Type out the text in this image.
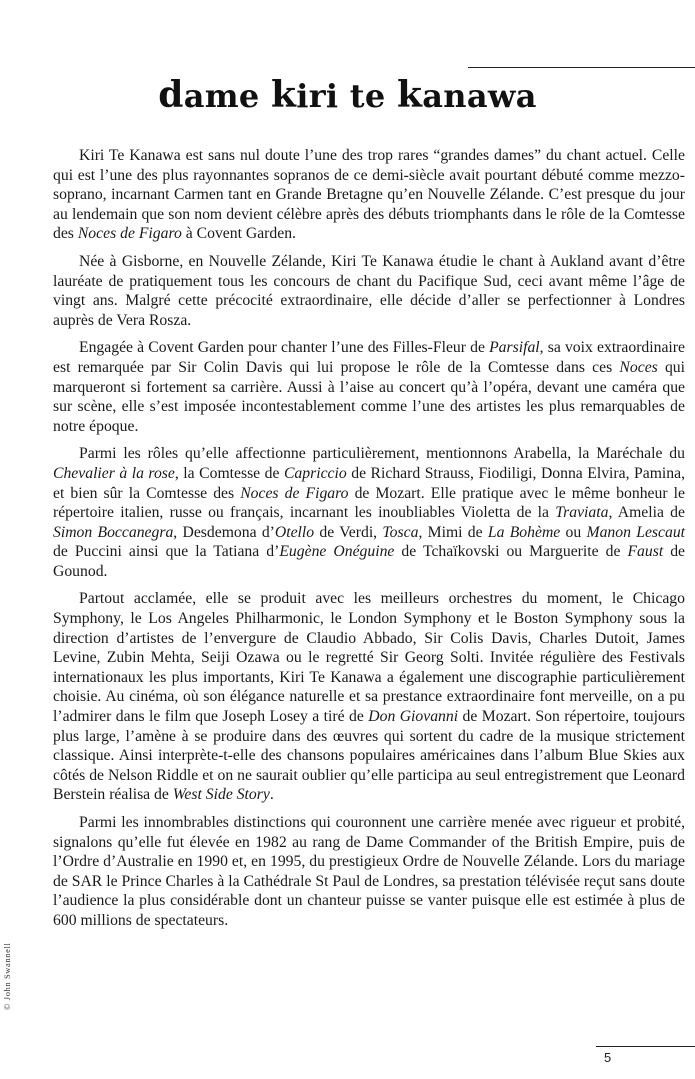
dame kiri te kanawa

Kiri Te Kanawa est sans nul doute l’une des trop rares “grandes dames” du chant actuel. Celle qui est l’une des plus rayonnantes sopranos de ce demi-siècle avait pourtant débuté comme mezzo-soprano, incarnant Carmen tant en Grande Bretagne qu’en Nouvelle Zélande. C’est presque du jour au lendemain que son nom devient célèbre après des débuts triomphants dans le rôle de la Comtesse des Noces de Figaro à Covent Garden.

Née à Gisborne, en Nouvelle Zélande, Kiri Te Kanawa étudie le chant à Aukland avant d’être lauréate de pratiquement tous les concours de chant du Pacifique Sud, ceci avant même l’âge de vingt ans. Malgré cette précocité extraordinaire, elle décide d’aller se perfectionner à Londres auprès de Vera Rosza.

Engagée à Covent Garden pour chanter l’une des Filles-Fleur de Parsifal, sa voix extraordinaire est remarquée par Sir Colin Davis qui lui propose le rôle de la Comtesse dans ces Noces qui marqueront si fortement sa carrière. Aussi à l’aise au concert qu’à l’opéra, devant une caméra que sur scène, elle s’est imposée incontestablement comme l’une des artistes les plus remarquables de notre époque.

Parmi les rôles qu’elle affectionne particulièrement, mentionnons Arabella, la Maréchale du Chevalier à la rose, la Comtesse de Capriccio de Richard Strauss, Fiodiligi, Donna Elvira, Pamina, et bien sûr la Comtesse des Noces de Figaro de Mozart. Elle pratique avec le même bonheur le répertoire italien, russe ou français, incarnant les inoubliables Violetta de la Traviata, Amelia de Simon Boccanegra, Desdemona d’Otello de Verdi, Tosca, Mimi de La Bohème ou Manon Lescaut de Puccini ainsi que la Tatiana d’Eugène Onéguine de Tchaïkovski ou Marguerite de Faust de Gounod.

Partout acclamée, elle se produit avec les meilleurs orchestres du moment, le Chicago Symphony, le Los Angeles Philharmonic, le London Symphony et le Boston Symphony sous la direction d’artistes de l’envergure de Claudio Abbado, Sir Colis Davis, Charles Dutoit, James Levine, Zubin Mehta, Seiji Ozawa ou le regretté Sir Georg Solti. Invitée régulière des Festivals internationaux les plus importants, Kiri Te Kanawa a également une discographie particulièrement choisie. Au cinéma, où son élégance naturelle et sa prestance extraordinaire font merveille, on a pu l’admirer dans le film que Joseph Losey a tiré de Don Giovanni de Mozart. Son répertoire, toujours plus large, l’amène à se produire dans des œuvres qui sortent du cadre de la musique strictement classique. Ainsi interprète-t-elle des chansons populaires américaines dans l’album Blue Skies aux côtés de Nelson Riddle et on ne saurait oublier qu’elle participa au seul entregistrement que Leonard Berstein réalisa de West Side Story.

Parmi les innombrables distinctions qui couronnent une carrière menée avec rigueur et probité, signalons qu’elle fut élevée en 1982 au rang de Dame Commander of the British Empire, puis de l’Ordre d’Australie en 1990 et, en 1995, du prestigieux Ordre de Nouvelle Zélande. Lors du mariage de SAR le Prince Charles à la Cathédrale St Paul de Londres, sa prestation télévisée reçut sans doute l’audience la plus considérable dont un chanteur puisse se vanter puisque elle est estimée à plus de 600 millions de spectateurs.

© John Swannell
5
